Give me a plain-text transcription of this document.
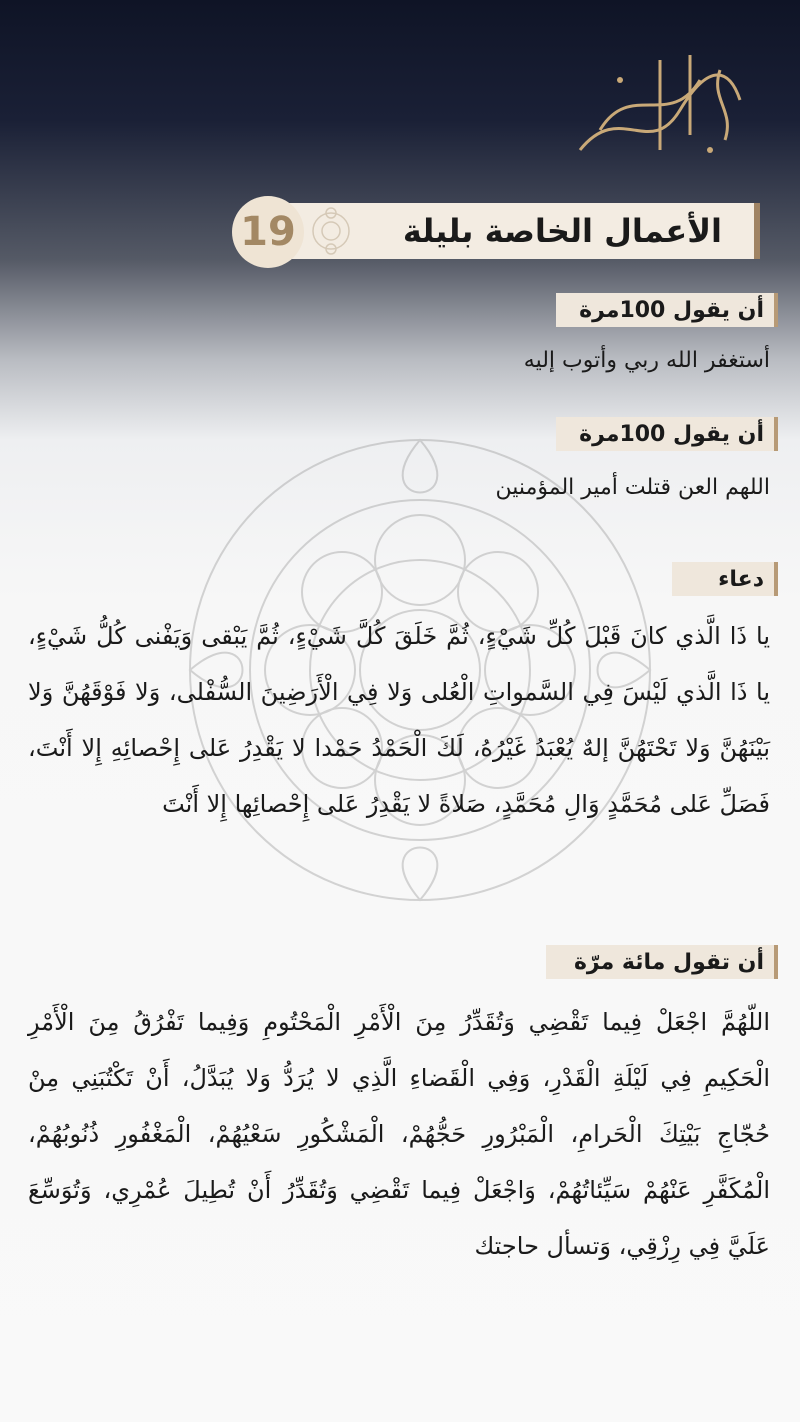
الأعمال الخاصة بليلة
19
أن يقول 100مرة
أستغفر الله ربي وأتوب إليه
أن يقول 100مرة
اللهم العن قتلت أمير المؤمنين
دعاء
يا ذَا الَّذي كانَ قَبْلَ كُلِّ شَيْءٍ، ثُمَّ خَلَقَ كُلَّ شَيْءٍ، ثُمَّ يَبْقى وَيَفْنى كُلُّ شَيْءٍ، يا ذَا الَّذي لَيْسَ فِي السَّمواتِ الْعُلى وَلا فِي الْأَرَضِينَ السُّفْلى، وَلا فَوْقَهُنَّ وَلا بَيْنَهُنَّ وَلا تَحْتَهُنَّ إلهٌ يُعْبَدُ غَيْرُهُ، لَكَ الْحَمْدُ حَمْدا لا يَقْدِرُ عَلى إِحْصائِهِ إِلا أَنْتَ، فَصَلِّ عَلى مُحَمَّدٍ وَالِ مُحَمَّدٍ، صَلاةً لا يَقْدِرُ عَلى إِحْصائِها إِلا أَنْتَ
أن تقول مائة مرّة
اللّهُمَّ اجْعَلْ فِيما تَقْضِي وَتُقَدِّرُ مِنَ الْأَمْرِ الْمَحْتُومِ وَفِيما تَفْرُقُ مِنَ الْأَمْرِ الْحَكِيمِ فِي لَيْلَةِ الْقَدْرِ، وَفِي الْقَضاءِ الَّذِي لا يُرَدُّ وَلا يُبَدَّلُ، أَنْ تَكْتُبَنِي مِنْ حُجّاجِ بَيْتِكَ الْحَرامِ، الْمَبْرُورِ حَجُّهُمْ، الْمَشْكُورِ سَعْيُهُمْ، الْمَغْفُورِ ذُنُوبُهُمْ، الْمُكَفَّرِ عَنْهُمْ سَيِّئاتُهُمْ، وَاجْعَلْ فِيما تَقْضِي وَتُقَدِّرُ أَنْ تُطِيلَ عُمْرِي، وَتُوَسِّعَ عَلَيَّ فِي رِزْقِي، وَتسأل حاجتك
